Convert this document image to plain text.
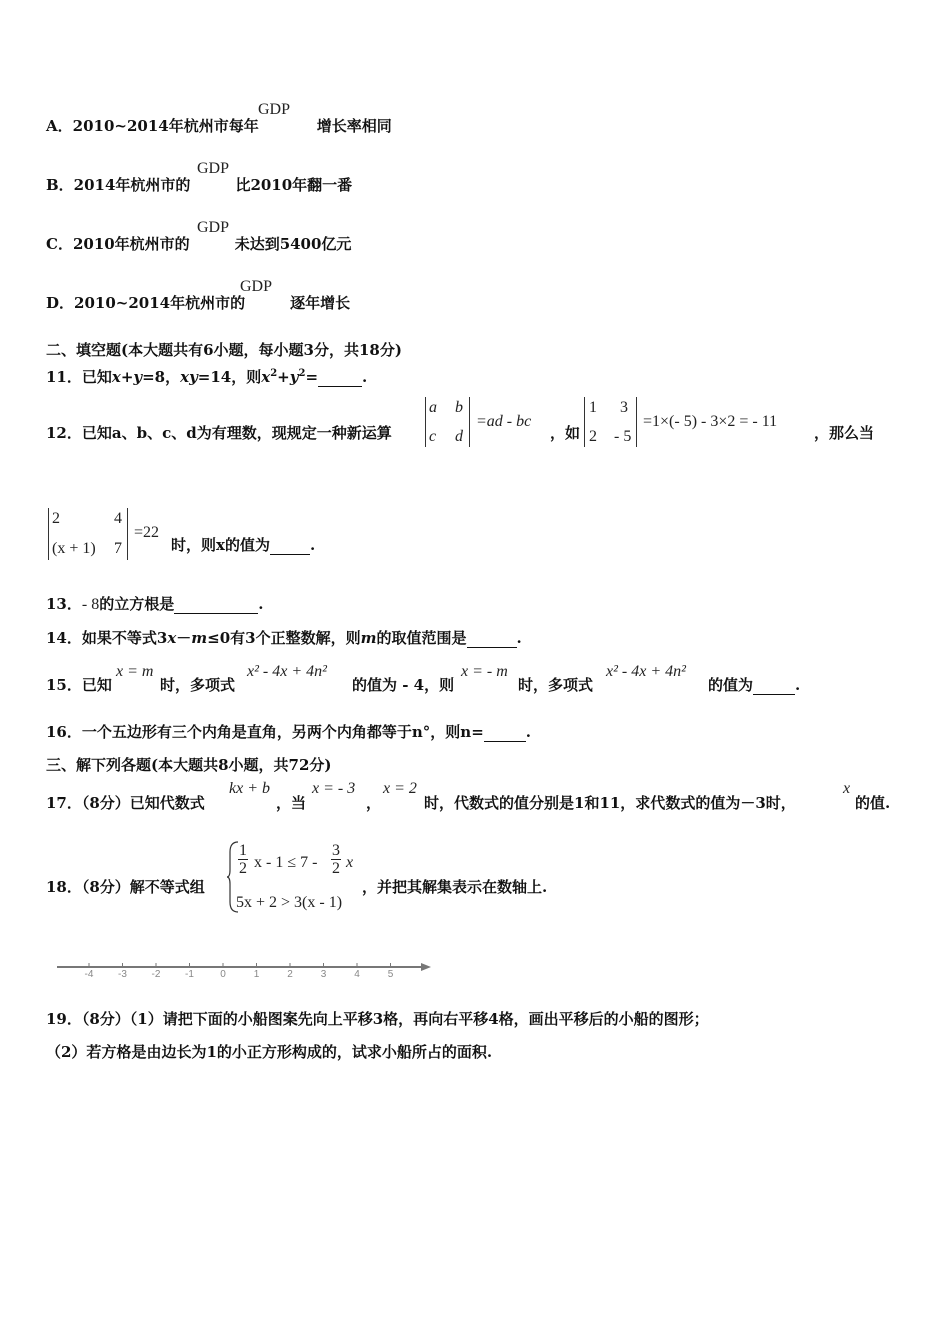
A．2010~2014年杭州市每年	增长率相同
GDP
B．2014年杭州市的	比2010年翻一番
GDP
C．2010年杭州市的	未达到5400亿元
GDP
D．2010~2014年杭州市的	逐年增长
GDP
二、填空题(本大题共有6小题，每小题3分，共18分)
11．已知x+y=8，xy=14，则$x^2+y^2=$	.
12．已知a、b、c、d为有理数，现规定一种新运算
a b
c d
=ad - bc
，如
1 3
2 - 5
=1×(- 5) - 3×2 = - 11
，那么当
2	4
(x + 1) 7
=22
时，则x的值为	.
13．- 8的立方根是	.
14．如果不等式3x－m≤0有3个正整数解，则m的取值范围是	.
15．已知
x = m
时，多项式
x² - 4x + 4n²
的值为 - 4，则
x = - m
时，多项式
x² - 4x + 4n²
的值为	.
16．一个五边形有三个内角是直角，另两个内角都等于n°，则n=	.
三、解下列各题(本大题共8小题，共72分)
17．（8分）已知代数式
kx + b
，当
x = - 3
，
x = 2
时，代数式的值分别是1和11，求代数式的值为－3时，
x
的值.
18．（8分）解不等式组
$\frac{1}{2}$ $x - 1 \le 7 - \frac{3}{2}$ x
5x + 2 > 3(x - 1)
，并把其解集表示在数轴上.
-4 -3 -2 -1	0	1	2	3	4	5
19．（8分）（1）请把下面的小船图案先向上平移3格，再向右平移4格，画出平移后的小船的图形；
（2）若方格是由边长为1的小正方形构成的，试求小船所占的面积.
